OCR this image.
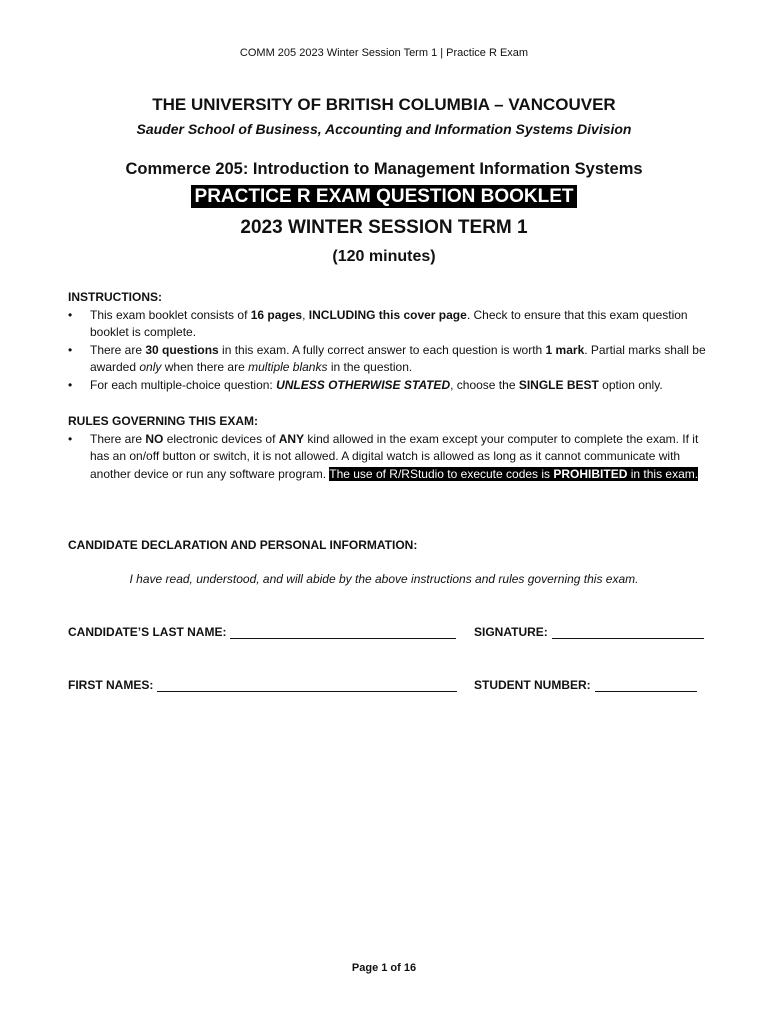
COMM 205 2023 Winter Session Term 1 | Practice R Exam
THE UNIVERSITY OF BRITISH COLUMBIA – VANCOUVER
Sauder School of Business, Accounting and Information Systems Division
Commerce 205: Introduction to Management Information Systems
PRACTICE R EXAM QUESTION BOOKLET
2023 WINTER SESSION TERM 1
(120 minutes)
INSTRUCTIONS:
• This exam booklet consists of 16 pages, INCLUDING this cover page. Check to ensure that this exam question booklet is complete.
• There are 30 questions in this exam. A fully correct answer to each question is worth 1 mark. Partial marks shall be awarded only when there are multiple blanks in the question.
• For each multiple-choice question: UNLESS OTHERWISE STATED, choose the SINGLE BEST option only.
RULES GOVERNING THIS EXAM:
• There are NO electronic devices of ANY kind allowed in the exam except your computer to complete the exam. If it has an on/off button or switch, it is not allowed. A digital watch is allowed as long as it cannot communicate with another device or run any software program. The use of R/RStudio to execute codes is PROHIBITED in this exam.
CANDIDATE DECLARATION AND PERSONAL INFORMATION:
I have read, understood, and will abide by the above instructions and rules governing this exam.
CANDIDATE’S LAST NAME:	SIGNATURE:
FIRST NAMES:	STUDENT NUMBER:
Page 1 of 16
